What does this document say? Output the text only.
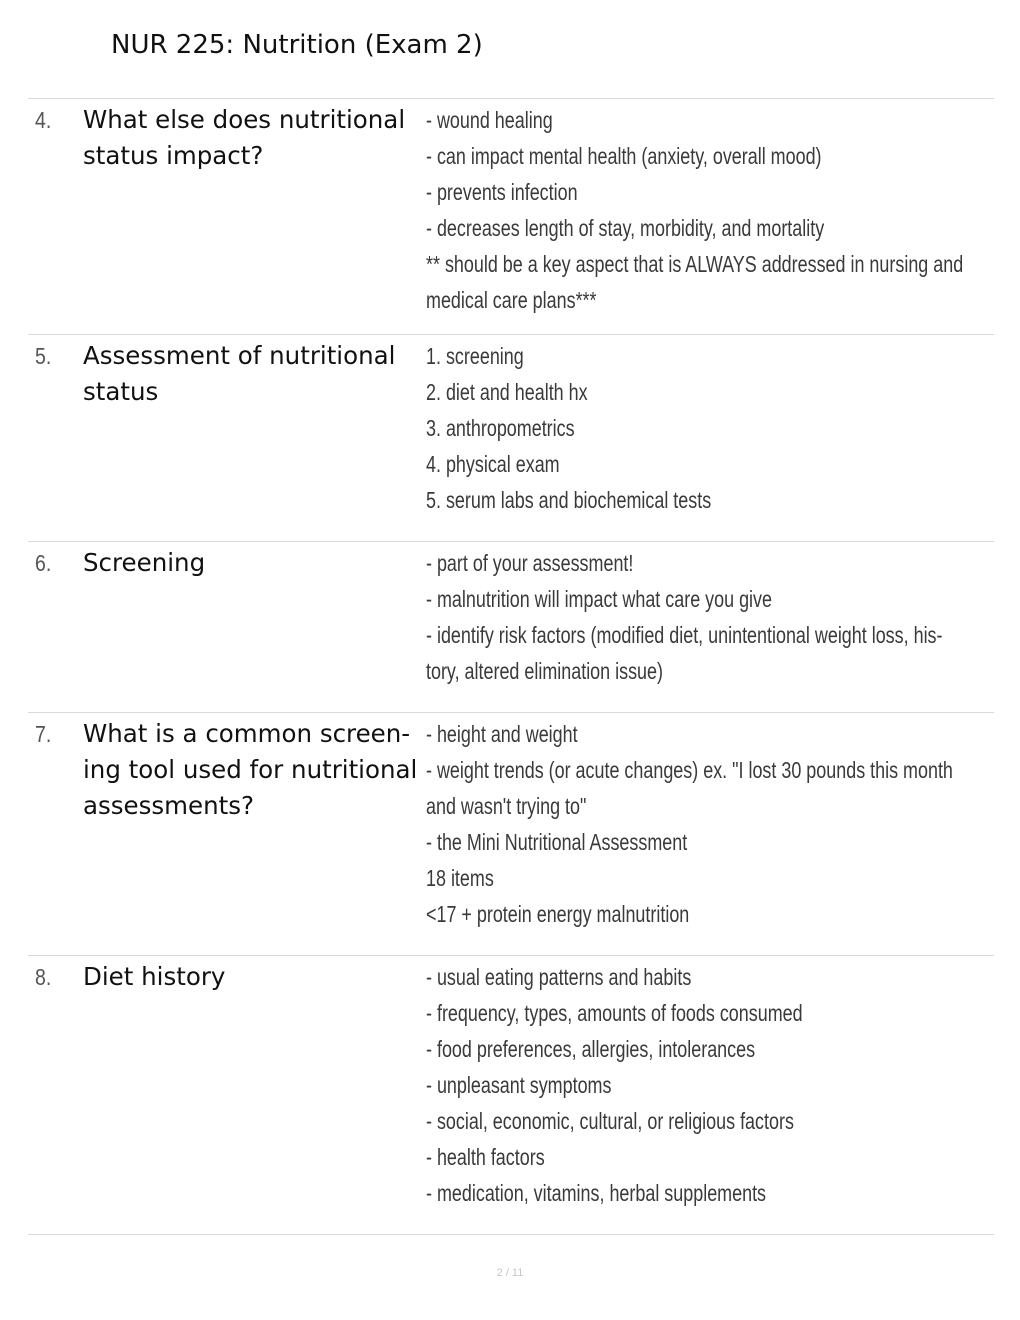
NUR 225: Nutrition (Exam 2)
4. What else does nutritional status impact?
- wound healing
- can impact mental health (anxiety, overall mood)
- prevents infection
- decreases length of stay, morbidity, and mortality
** should be a key aspect that is ALWAYS addressed in nursing and
medical care plans***
5. Assessment of nutritional status
1. screening
2. diet and health hx
3. anthropometrics
4. physical exam
5. serum labs and biochemical tests
6. Screening	- part of your assessment!
- malnutrition will impact what care you give
- identify risk factors (modified diet, unintentional weight loss, his-
tory, altered elimination issue)
7. What is a common screen- ing tool used for nutritional assessments?
- height and weight
- weight trends (or acute changes) ex. "I lost 30 pounds this month
and wasn't trying to"
- the Mini Nutritional Assessment
18 items
<17 + protein energy malnutrition
8. Diet history	- usual eating patterns and habits
- frequency, types, amounts of foods consumed
- food preferences, allergies, intolerances
- unpleasant symptoms
- social, economic, cultural, or religious factors
- health factors
- medication, vitamins, herbal supplements
2 / 11
